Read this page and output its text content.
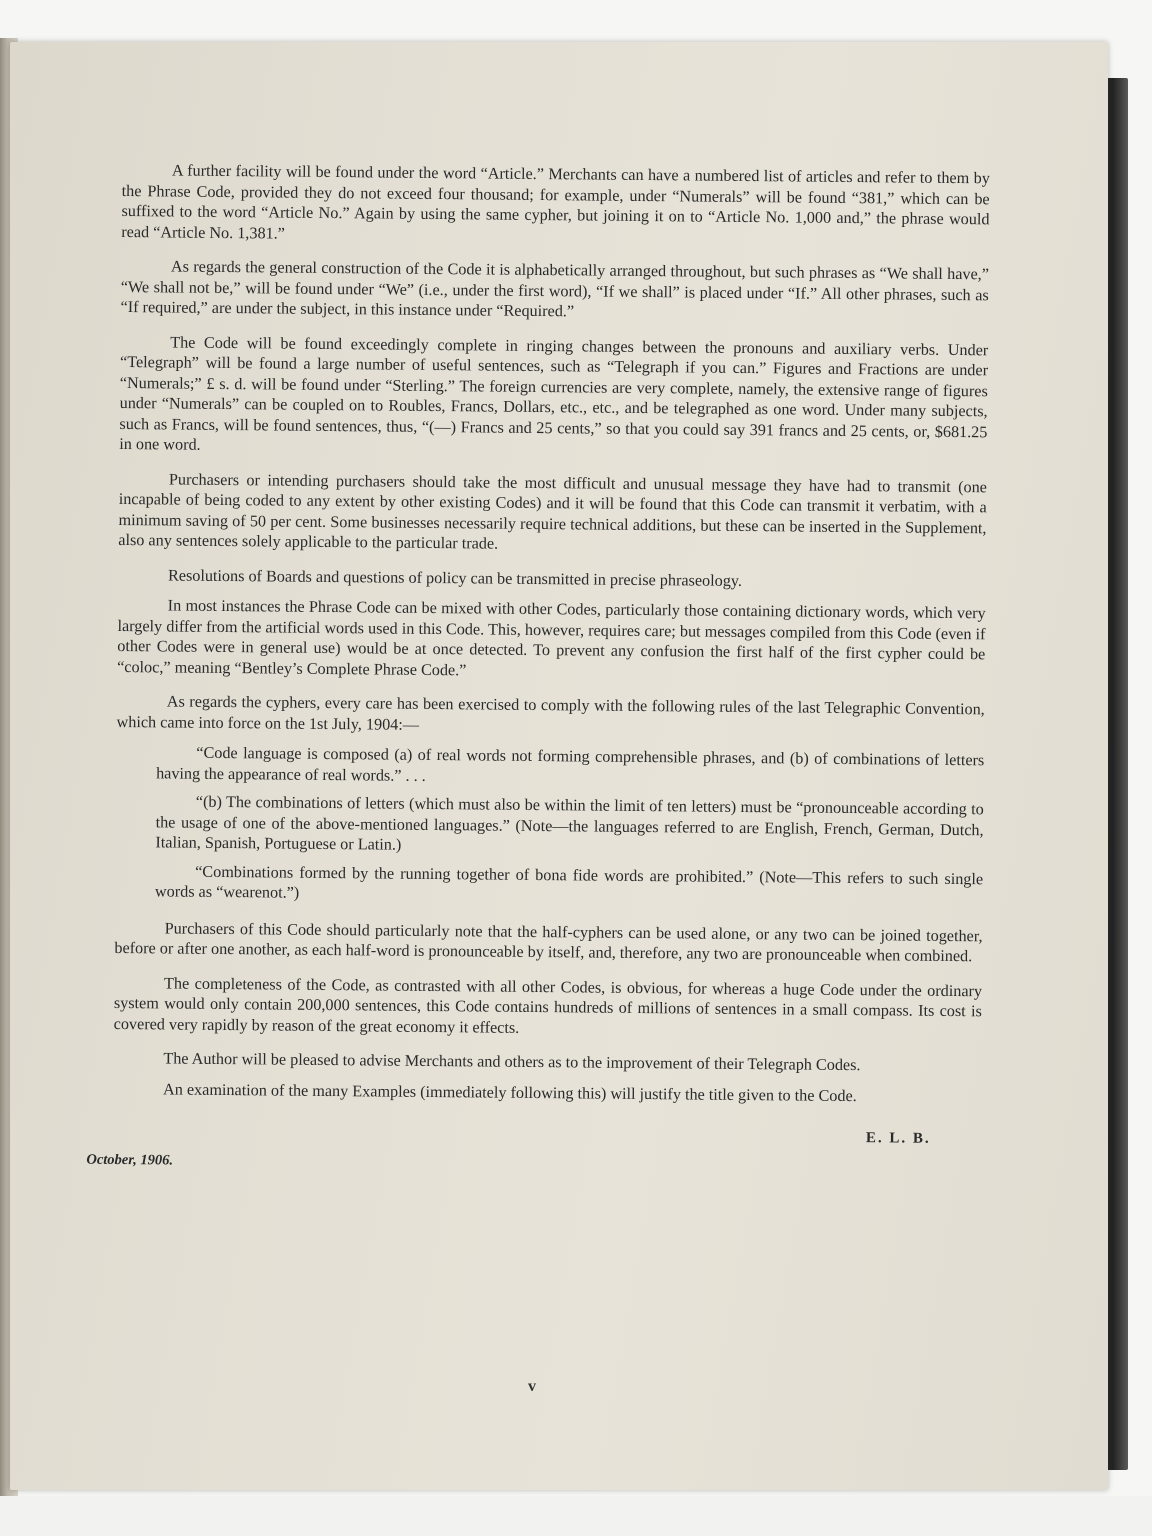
A further facility will be found under the word “Article.” Merchants can have a numbered list of articles and refer to them by the Phrase Code, provided they do not exceed four thousand; for example, under “Numerals” will be found “381,” which can be suffixed to the word “Article No.” Again by using the same cypher, but joining it on to “Article No. 1,000 and,” the phrase would read “Article No. 1,381.”

As regards the general construction of the Code it is alphabetically arranged throughout, but such phrases as “We shall have,” “We shall not be,” will be found under “We” (i.e., under the first word), “If we shall” is placed under “If.” All other phrases, such as “If required,” are under the subject, in this instance under “Required.”

The Code will be found exceedingly complete in ringing changes between the pronouns and auxiliary verbs. Under “Telegraph” will be found a large number of useful sentences, such as “Telegraph if you can.” Figures and Fractions are under “Numerals;” £ s. d. will be found under “Sterling.” The foreign currencies are very complete, namely, the extensive range of figures under “Numerals” can be coupled on to Roubles, Francs, Dollars, etc., etc., and be telegraphed as one word. Under many subjects, such as Francs, will be found sentences, thus, “(—) Francs and 25 cents,” so that you could say 391 francs and 25 cents, or, $681.25 in one word.

Purchasers or intending purchasers should take the most difficult and unusual message they have had to transmit (one incapable of being coded to any extent by other existing Codes) and it will be found that this Code can transmit it verbatim, with a minimum saving of 50 per cent. Some businesses necessarily require technical additions, but these can be inserted in the Supplement, also any sentences solely applicable to the particular trade.

Resolutions of Boards and questions of policy can be transmitted in precise phraseology.

In most instances the Phrase Code can be mixed with other Codes, particularly those containing dictionary words, which very largely differ from the artificial words used in this Code. This, however, requires care; but messages compiled from this Code (even if other Codes were in general use) would be at once detected. To prevent any confusion the first half of the first cypher could be “coloc,” meaning “Bentley’s Complete Phrase Code.”

As regards the cyphers, every care has been exercised to comply with the following rules of the last Telegraphic Convention, which came into force on the 1st July, 1904:—

“Code language is composed (a) of real words not forming comprehensible phrases, and (b) of combinations of letters having the appearance of real words.” . . .

“(b) The combinations of letters (which must also be within the limit of ten letters) must be “pronounceable according to the usage of one of the above-mentioned languages.” (Note—the languages referred to are English, French, German, Dutch, Italian, Spanish, Portuguese or Latin.)

“Combinations formed by the running together of bona fide words are prohibited.” (Note—This refers to such single words as “wearenot.”)

Purchasers of this Code should particularly note that the half-cyphers can be used alone, or any two can be joined together, before or after one another, as each half-word is pronounceable by itself, and, therefore, any two are pronounceable when combined.

The completeness of the Code, as contrasted with all other Codes, is obvious, for whereas a huge Code under the ordinary system would only contain 200,000 sentences, this Code contains hundreds of millions of sentences in a small compass. Its cost is covered very rapidly by reason of the great economy it effects.

The Author will be pleased to advise Merchants and others as to the improvement of their Telegraph Codes.

An examination of the many Examples (immediately following this) will justify the title given to the Code.

E. L. B.
October, 1906.
v
